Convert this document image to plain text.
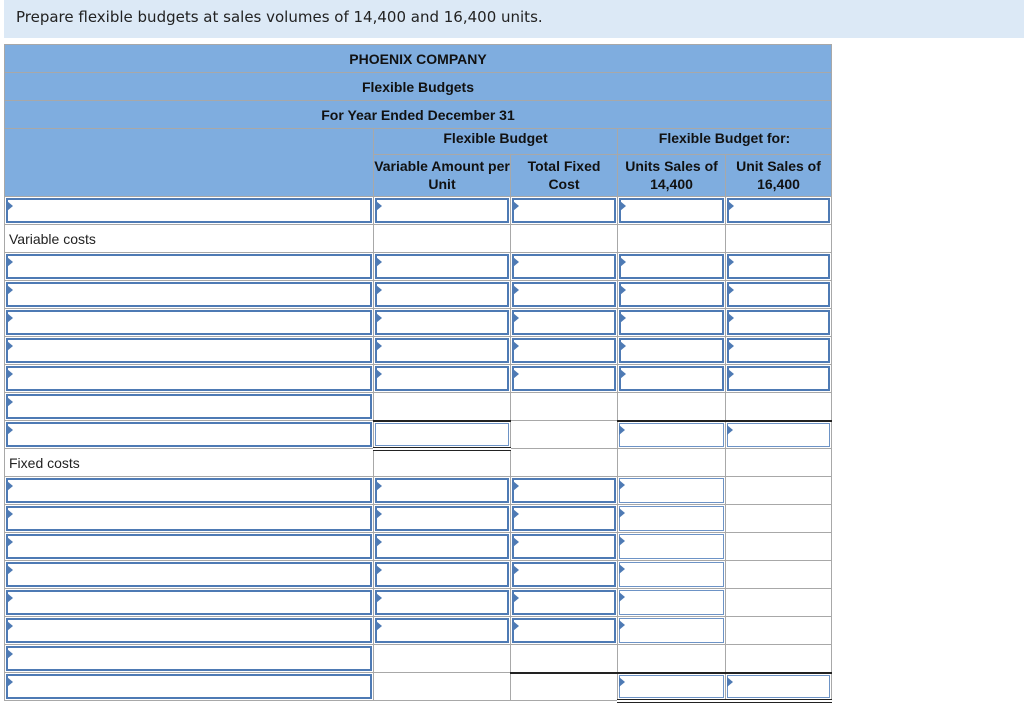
Prepare flexible budgets at sales volumes of 14,400 and 16,400 units.
PHOENIX COMPANY				
Flexible Budgets				
For Year Ended December 31				
	Flexible Budget		Flexible Budget for:	
	Variable Amount per Unit	Total Fixed Cost	Units Sales of 14,400	Unit Sales of 16,400

Variable costs				

Fixed costs				
